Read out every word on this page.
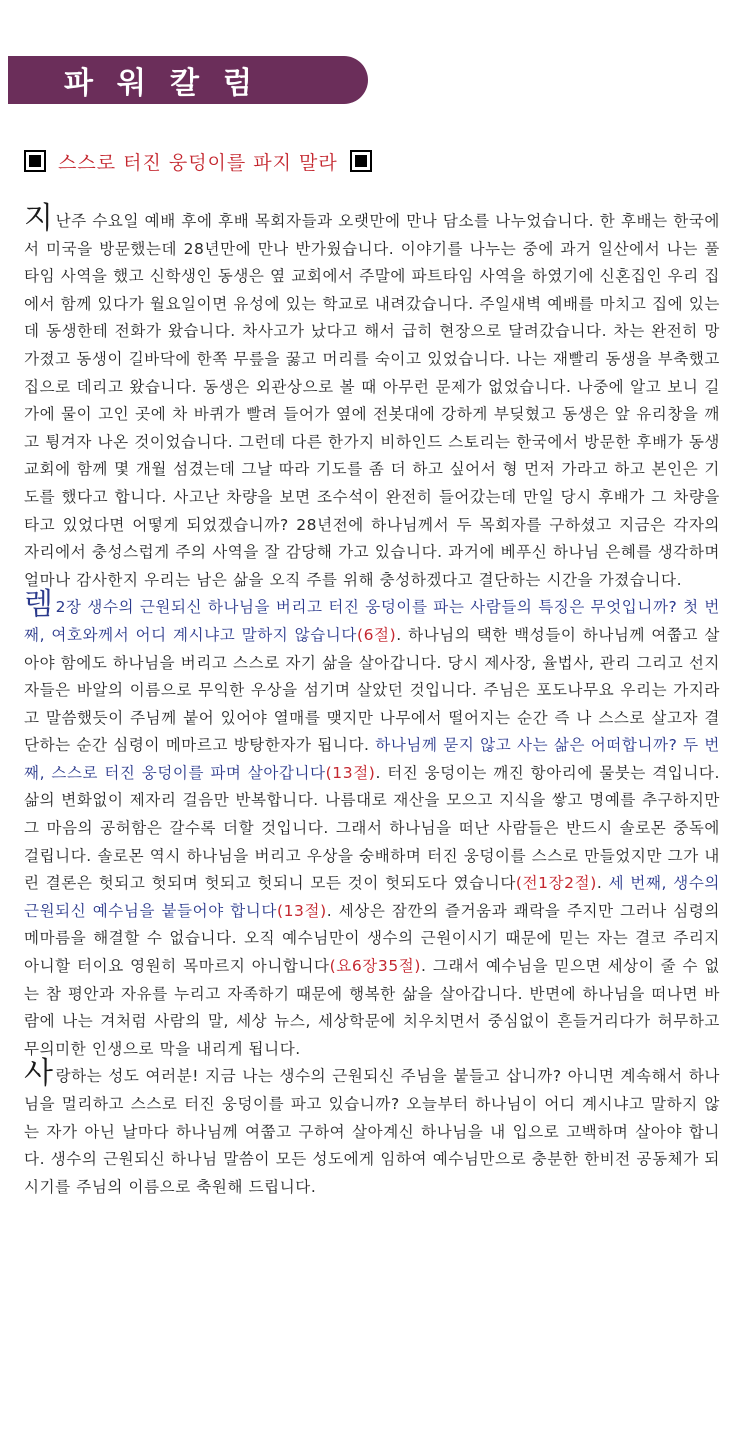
파워칼럼
스스로 터진 웅덩이를 파지 말라

지난주 수요일 예배 후에 후배 목회자들과 오랫만에 만나 담소를 나누었습니다. 한 후배는 한국에서 미국을 방문했는데 28년만에 만나 반가웠습니다. 이야기를 나누는 중에 과거 일산에서 나는 풀타임 사역을 했고 신학생인 동생은 옆 교회에서 주말에 파트타임 사역을 하였기에 신혼집인 우리 집에서 함께 있다가 월요일이면 유성에 있는 학교로 내려갔습니다. 주일새벽 예배를 마치고 집에 있는데 동생한테 전화가 왔습니다. 차사고가 났다고 해서 급히 현장으로 달려갔습니다. 차는 완전히 망가졌고 동생이 길바닥에 한쪽 무릎을 꿇고 머리를 숙이고 있었습니다. 나는 재빨리 동생을 부축했고 집으로 데리고 왔습니다. 동생은 외관상으로 볼 때 아무런 문제가 없었습니다. 나중에 알고 보니 길가에 물이 고인 곳에 차 바퀴가 빨려 들어가 옆에 전봇대에 강하게 부딪혔고 동생은 앞 유리창을 깨고 튕겨자 나온 것이었습니다. 그런데 다른 한가지 비하인드 스토리는 한국에서 방문한 후배가 동생 교회에 함께 몇 개월 섬겼는데 그날 따라 기도를 좀 더 하고 싶어서 형 먼저 가라고 하고 본인은 기도를 했다고 합니다. 사고난 차량을 보면 조수석이 완전히 들어갔는데 만일 당시 후배가 그 차량을 타고 있었다면 어떻게 되었겠습니까? 28년전에 하나님께서 두 목회자를 구하셨고 지금은 각자의 자리에서 충성스럽게 주의 사역을 잘 감당해 가고 있습니다. 과거에 베푸신 하나님 은혜를 생각하며 얼마나 감사한지 우리는 남은 삶을 오직 주를 위해 충성하겠다고 결단하는 시간을 가졌습니다.

렘 2장 생수의 근원되신 하나님을 버리고 터진 웅덩이를 파는 사람들의 특징은 무엇입니까? 첫 번째, 여호와께서 어디 계시냐고 말하지 않습니다(6절). 하나님의 택한 백성들이 하나님께 여쭙고 살아야 함에도 하나님을 버리고 스스로 자기 삶을 살아갑니다. 당시 제사장, 율법사, 관리 그리고 선지자들은 바알의 이름으로 무익한 우상을 섬기며 살았던 것입니다. 주님은 포도나무요 우리는 가지라고 말씀했듯이 주님께 붙어 있어야 열매를 맺지만 나무에서 떨어지는 순간 즉 나 스스로 살고자 결단하는 순간 심령이 메마르고 방탕한자가 됩니다. 하나님께 묻지 않고 사는 삶은 어떠합니까? 두 번째, 스스로 터진 웅덩이를 파며 살아갑니다(13절). 터진 웅덩이는 깨진 항아리에 물붓는 격입니다. 삶의 변화없이 제자리 걸음만 반복합니다. 나름대로 재산을 모으고 지식을 쌓고 명예를 추구하지만 그 마음의 공허함은 갈수록 더할 것입니다. 그래서 하나님을 떠난 사람들은 반드시 솔로몬 중독에 걸립니다. 솔로몬 역시 하나님을 버리고 우상을 숭배하며 터진 웅덩이를 스스로 만들었지만 그가 내린 결론은 헛되고 헛되며 헛되고 헛되니 모든 것이 헛되도다 였습니다(전1장2절). 세 번째, 생수의 근원되신 예수님을 붙들어야 합니다(13절). 세상은 잠깐의 즐거움과 쾌락을 주지만 그러나 심령의 메마름을 해결할 수 없습니다. 오직 예수님만이 생수의 근원이시기 때문에 믿는 자는 결코 주리지 아니할 터이요 영원히 목마르지 아니합니다(요6장35절). 그래서 예수님을 믿으면 세상이 줄 수 없는 참 평안과 자유를 누리고 자족하기 때문에 행복한 삶을 살아갑니다. 반면에 하나님을 떠나면 바람에 나는 겨처럼 사람의 말, 세상 뉴스, 세상학문에 치우치면서 중심없이 흔들거리다가 허무하고 무의미한 인생으로 막을 내리게 됩니다.

사랑하는 성도 여러분! 지금 나는 생수의 근원되신 주님을 붙들고 삽니까? 아니면 계속해서 하나님을 멀리하고 스스로 터진 웅덩이를 파고 있습니까? 오늘부터 하나님이 어디 계시냐고 말하지 않는 자가 아닌 날마다 하나님께 여쭙고 구하여 살아계신 하나님을 내 입으로 고백하며 살아야 합니다. 생수의 근원되신 하나님 말씀이 모든 성도에게 임하여 예수님만으로 충분한 한비전 공동체가 되시기를 주님의 이름으로 축원해 드립니다.
